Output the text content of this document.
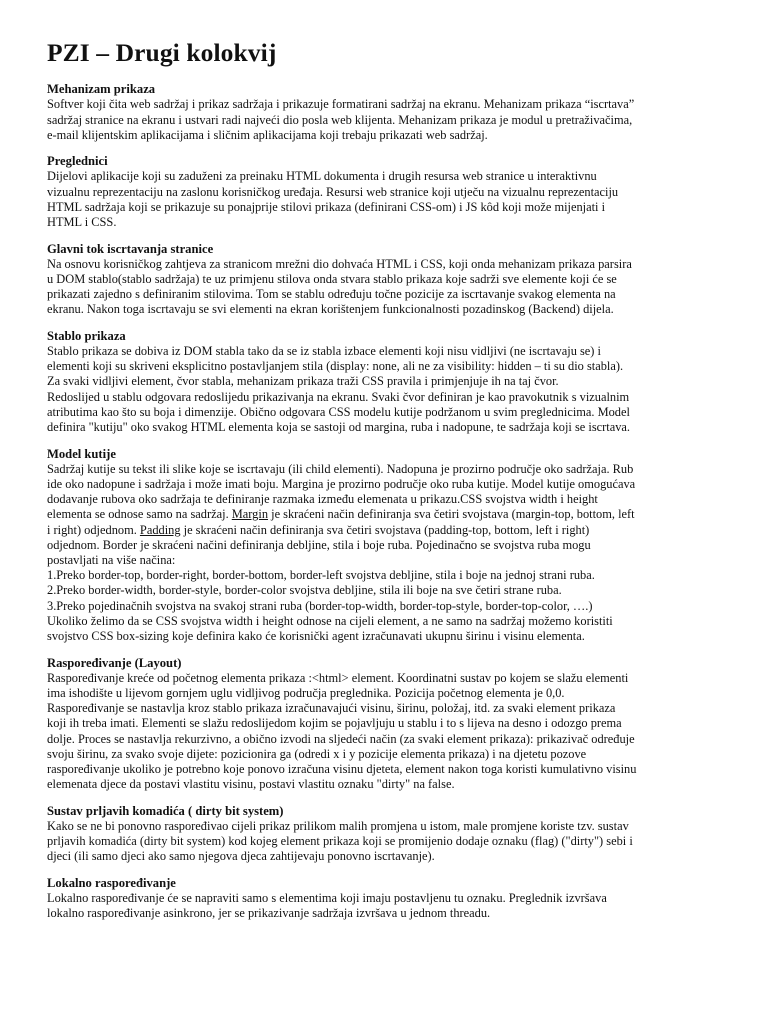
PZI – Drugi kolokvij
Mehanizam prikaza
Softver koji čita web sadržaj i prikaz sadržaja i prikazuje formatirani sadržaj na ekranu. Mehanizam prikaza “iscrtava”
sadržaj stranice na ekranu i ustvari radi najveći dio posla web klijenta. Mehanizam prikaza je modul u pretraživačima,
e-mail klijentskim aplikacijama i sličnim aplikacijama koji trebaju prikazati web sadržaj.
Preglednici
Dijelovi aplikacije koji su zaduženi za preinaku HTML dokumenta i drugih resursa web stranice u interaktivnu
vizualnu reprezentaciju na zaslonu korisničkog uređaja. Resursi web stranice koji utječu na vizualnu reprezentaciju
HTML sadržaja koji se prikazuje su ponajprije stilovi prikaza (definirani CSS-om) i JS kôd koji može mijenjati i
HTML i CSS.
Glavni tok iscrtavanja stranice
Na osnovu korisničkog zahtjeva za stranicom mrežni dio dohvaća HTML i CSS, koji onda mehanizam prikaza parsira
u DOM stablo(stablo sadržaja) te uz primjenu stilova onda stvara stablo prikaza koje sadrži sve elemente koji će se
prikazati zajedno s definiranim stilovima. Tom se stablu određuju točne pozicije za iscrtavanje svakog elementa na
ekranu. Nakon toga iscrtavaju se svi elementi na ekran korištenjem funkcionalnosti pozadinskog (Backend) dijela.
Stablo prikaza
Stablo prikaza se dobiva iz DOM stabla tako da se iz stabla izbace elementi koji nisu vidljivi (ne iscrtavaju se) i
elementi koji su skriveni eksplicitno postavljanjem stila (display: none, ali ne za visibility: hidden – ti su dio stabla).
Za svaki vidljivi element, čvor stabla, mehanizam prikaza traži CSS pravila i primjenjuje ih na taj čvor.
Redoslijed u stablu odgovara redoslijedu prikazivanja na ekranu. Svaki čvor definiran je kao pravokutnik s vizualnim
atributima kao što su boja i dimenzije. Obično odgovara CSS modelu kutije podržanom u svim preglednicima. Model
definira "kutiju" oko svakog HTML elementa koja se sastoji od margina, ruba i nadopune, te sadržaja koji se iscrtava.
Model kutije
Sadržaj kutije su tekst ili slike koje se iscrtavaju (ili child elementi). Nadopuna je prozirno područje oko sadržaja. Rub
ide oko nadopune i sadržaja i može imati boju. Margina je prozirno područje oko ruba kutije. Model kutije omogućava
dodavanje rubova oko sadržaja te definiranje razmaka između elemenata u prikazu.CSS svojstva width i height
elementa se odnose samo na sadržaj. Margin je skraćeni način definiranja sva četiri svojstava (margin-top, bottom, left
i right) odjednom. Padding je skraćeni način definiranja sva četiri svojstava (padding-top, bottom, left i right)
odjednom. Border je skraćeni načini definiranja debljine, stila i boje ruba. Pojedinačno se svojstva ruba mogu
postavljati na više načina:
1.Preko border-top, border-right, border-bottom, border-left svojstva debljine, stila i boje na jednoj strani ruba.
2.Preko border-width, border-style, border-color svojstva debljine, stila ili boje na sve četiri strane ruba.
3.Preko pojedinačnih svojstva na svakoj strani ruba (border-top-width, border-top-style, border-top-color, ….)
Ukoliko želimo da se CSS svojstva width i height odnose na cijeli element, a ne samo na sadržaj možemo koristiti
svojstvo CSS box-sizing koje definira kako će korisnički agent izračunavati ukupnu širinu i visinu elementa.
Raspoređivanje (Layout)
Raspoređivanje kreće od početnog elementa prikaza :<html> element. Koordinatni sustav po kojem se slažu elementi
ima ishodište u lijevom gornjem uglu vidljivog područja preglednika. Pozicija početnog elementa je 0,0.
Raspoređivanje se nastavlja kroz stablo prikaza izračunavajući visinu, širinu, položaj, itd. za svaki element prikaza
koji ih treba imati. Elementi se slažu redoslijedom kojim se pojavljuju u stablu i to s lijeva na desno i odozgo prema
dolje. Proces se nastavlja rekurzivno, a obično izvodi na sljedeći način (za svaki element prikaza): prikazivač određuje
svoju širinu, za svako svoje dijete: pozicionira ga (odredi x i y pozicije elementa prikaza) i na djetetu pozove
raspoređivanje ukoliko je potrebno koje ponovo izračuna visinu djeteta, element nakon toga koristi kumulativno visinu
elemenata djece da postavi vlastitu visinu, postavi vlastitu oznaku "dirty" na false.
Sustav prljavih komadića ( dirty bit system)
Kako se ne bi ponovno raspoređivao cijeli prikaz prilikom malih promjena u istom, male promjene koriste tzv. sustav
prljavih komadića (dirty bit system) kod kojeg element prikaza koji se promijenio dodaje oznaku (flag) ("dirty") sebi i
djeci (ili samo djeci ako samo njegova djeca zahtijevaju ponovno iscrtavanje).
Lokalno raspoređivanje
Lokalno raspoređivanje će se napraviti samo s elementima koji imaju postavljenu tu oznaku. Preglednik izvršava
lokalno raspoređivanje asinkrono, jer se prikazivanje sadržaja izvršava u jednom threadu.
